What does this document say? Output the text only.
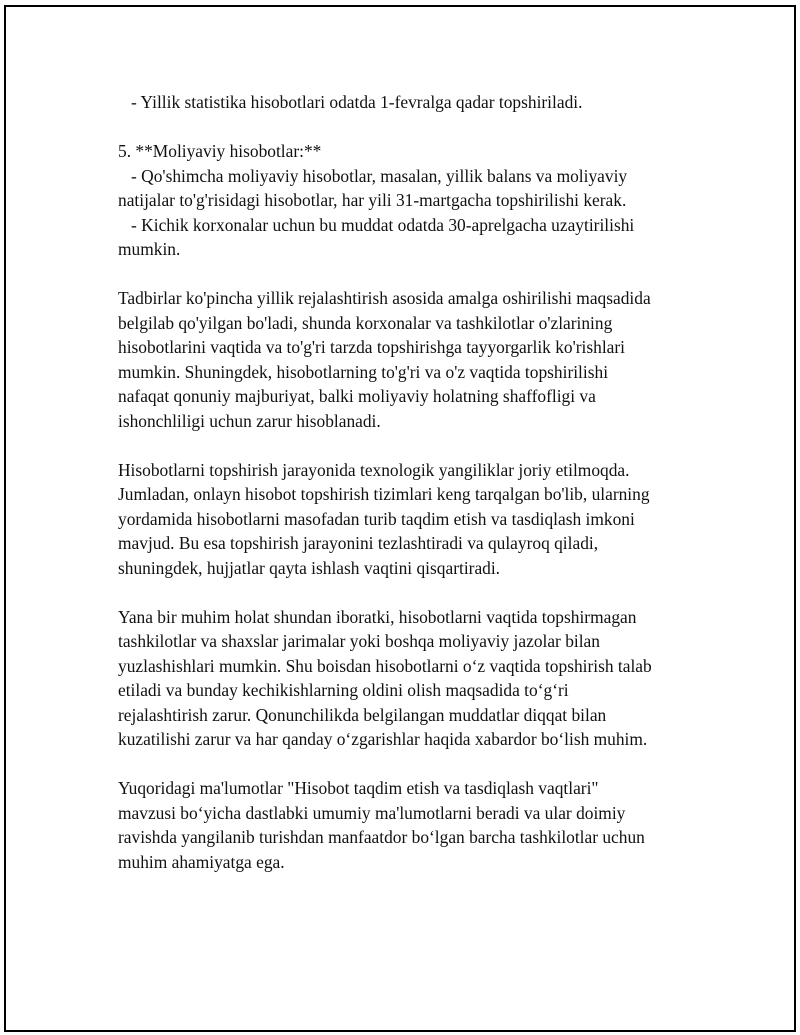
- Yillik statistika hisobotlari odatda 1-fevralga qadar topshiriladi.
5. **Moliyaviy hisobotlar:**
- Qo'shimcha moliyaviy hisobotlar, masalan, yillik balans va moliyaviy
natijalar to'g'risidagi hisobotlar, har yili 31-martgacha topshirilishi kerak.
- Kichik korxonalar uchun bu muddat odatda 30-aprelgacha uzaytirilishi
mumkin.
Tadbirlar ko'pincha yillik rejalashtirish asosida amalga oshirilishi maqsadida
belgilab qo'yilgan bo'ladi, shunda korxonalar va tashkilotlar o'zlarining
hisobotlarini vaqtida va to'g'ri tarzda topshirishga tayyorgarlik ko'rishlari
mumkin. Shuningdek, hisobotlarning to'g'ri va o'z vaqtida topshirilishi
nafaqat qonuniy majburiyat, balki moliyaviy holatning shaffofligi va
ishonchliligi uchun zarur hisoblanadi.
Hisobotlarni topshirish jarayonida texnologik yangiliklar joriy etilmoqda.
Jumladan, onlayn hisobot topshirish tizimlari keng tarqalgan bo'lib, ularning
yordamida hisobotlarni masofadan turib taqdim etish va tasdiqlash imkoni
mavjud. Bu esa topshirish jarayonini tezlashtiradi va qulayroq qiladi,
shuningdek, hujjatlar qayta ishlash vaqtini qisqartiradi.
Yana bir muhim holat shundan iboratki, hisobotlarni vaqtida topshirmagan
tashkilotlar va shaxslar jarimalar yoki boshqa moliyaviy jazolar bilan
yuzlashishlari mumkin. Shu boisdan hisobotlarni o‘z vaqtida topshirish talab
etiladi va bunday kechikishlarning oldini olish maqsadida to‘g‘ri
rejalashtirish zarur. Qonunchilikda belgilangan muddatlar diqqat bilan
kuzatilishi zarur va har qanday o‘zgarishlar haqida xabardor bo‘lish muhim.
Yuqoridagi ma'lumotlar "Hisobot taqdim etish va tasdiqlash vaqtlari"
mavzusi bo‘yicha dastlabki umumiy ma'lumotlarni beradi va ular doimiy
ravishda yangilanib turishdan manfaatdor bo‘lgan barcha tashkilotlar uchun
muhim ahamiyatga ega.
